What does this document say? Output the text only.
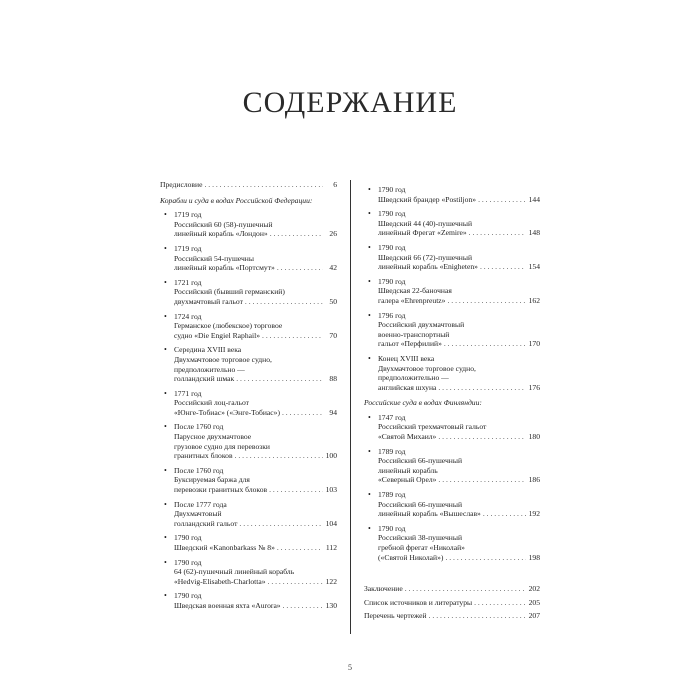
СОДЕРЖАНИЕ
Предисловие . . .	6
Корабли и суда в водах Российской Федерации:
• 1719 год
Российский 60 (58)-пушечный
линейный корабль «Лондон» . . .	26
• 1719 год
Российский 54-пушечны
линейный корабль «Портсмут» . . .	42
• 1721 год
Российский (бывший германский)
двухмачтовый гальот . . .	50
• 1724 год
Германское (любекское) торговое
судно «Die Engiel Raphail» . . .	70
• Середина XVIII века
Двухмачтовое торговое судно,
предположительно —
голландский шмак . . .	88
• 1771 год
Российский лоц-гальот
«Юнге-Тобиас» («Энге-Тобиас») . . .	94
• После 1760 год
Парусное двухмачтовое
грузовое судно для перевозки
гранитных блоков . . .	100
• После 1760 год
Буксируемая баржа для
перевозки гранитных блоков . . .	103
• После 1777 года
Двухмачтовый
голландский гальот . . .	104
• 1790 год
Шведский «Kanonbarkass № 8» . . .	112
• 1790 год
64 (62)-пушечный линейный корабль
«Hedvig-Elisabeth-Charlotta» . . .	122
• 1790 год
Шведская военная яхта «Aurora» . . .	130
• 1790 год
Шведский брандер «Postiljon» . . .	144
• 1790 год
Шведский 44 (40)-пушечный
линейный Фрегат «Zemire» . . .	148
• 1790 год
Шведский 66 (72)-пушечный
линейный корабль «Enigheten» . . .	154
• 1790 год
Шведская 22-баночная
галера «Ehrenpreutz» . . .	162
• 1796 год
Российский двухмачтовый
военно-транспортный
гальот «Перфилий» . . .	170
• Конец XVIII века
Двухмачтовое торговое судно,
предположительно —
английская шхуна . . .	176
Российские суда в водах Финляндии:
• 1747 год
Российский трехмачтовый гальот
«Святой Михаил» . . .	180
• 1789 год
Российский 66-пушечный
линейный корабль
«Северный Орел» . . .	186
• 1789 год
Российский 66-пушечный
линейный корабль «Вышеслав» . . .	192
• 1790 год
Российский 38-пушечный
гребной фрегат «Николай»
(«Святой Николай») . . .	198
Заключение . . .	202
Список источников и литературы . . .	205
Перечень чертежей . . .	207
5
